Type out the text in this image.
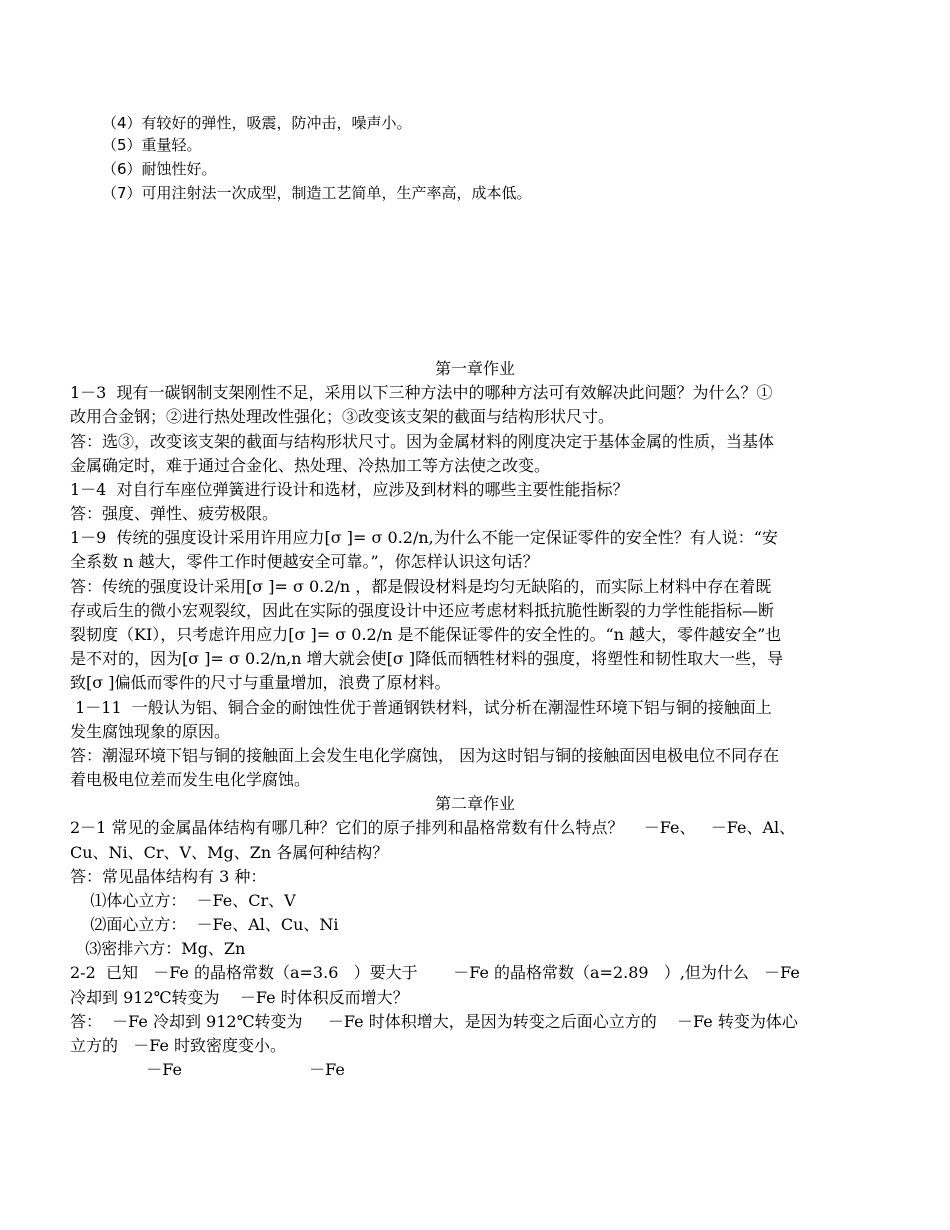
（4）有较好的弹性，吸震，防冲击，噪声小。
（5）重量轻。
（6）耐蚀性好。
（7）可用注射法一次成型，制造工艺简单，生产率高，成本低。
第一章作业
1－3  现有一碳钢制支架刚性不足，采用以下三种方法中的哪种方法可有效解决此问题？为什么？①
改用合金钢；②进行热处理改性强化；③改变该支架的截面与结构形状尺寸。
答：选③，改变该支架的截面与结构形状尺寸。因为金属材料的刚度决定于基体金属的性质，当基体
金属确定时，难于通过合金化、热处理、冷热加工等方法使之改变。
1－4  对自行车座位弹簧进行设计和选材，应涉及到材料的哪些主要性能指标？
答：强度、弹性、疲劳极限。
1－9  传统的强度设计采用许用应力[σ ]= σ 0.2/n,为什么不能一定保证零件的安全性？有人说：“安
全系数 n 越大，零件工作时便越安全可靠。”，你怎样认识这句话？
答：传统的强度设计采用[σ ]= σ 0.2/n ，都是假设材料是均匀无缺陷的，而实际上材料中存在着既
存或后生的微小宏观裂纹，因此在实际的强度设计中还应考虑材料抵抗脆性断裂的力学性能指标—断
裂韧度（KI），只考虑许用应力[σ ]= σ 0.2/n 是不能保证零件的安全性的。“n 越大，零件越安全”也
是不对的，因为[σ ]= σ 0.2/n,n 增大就会使[σ ]降低而牺牲材料的强度，将塑性和韧性取大一些，导
致[σ ]偏低而零件的尺寸与重量增加，浪费了原材料。
1－11  一般认为铝、铜合金的耐蚀性优于普通钢铁材料，试分析在潮湿性环境下铝与铜的接触面上
发生腐蚀现象的原因。
答：潮湿环境下铝与铜的接触面上会发生电化学腐蚀， 因为这时铝与铜的接触面因电极电位不同存在
着电极电位差而发生电化学腐蚀。
第二章作业
2－1 常见的金属晶体结构有哪几种？它们的原子排列和晶格常数有什么特点？    －Fe、   －Fe、Al、
Cu、Ni、Cr、V、Mg、Zn 各属何种结构？
答：常见晶体结构有 3 种：
⑴体心立方：  －Fe、Cr、V
⑵面心立方：  －Fe、Al、Cu、Ni
⑶密排六方：Mg、Zn
2-2  已知   －Fe 的晶格常数（a=3.6   ）要大于       －Fe 的晶格常数（a=2.89   ）,但为什么   －Fe
冷却到 912℃转变为    －Fe 时体积反而增大？
答：  －Fe 冷却到 912℃转变为     －Fe 时体积增大，是因为转变之后面心立方的    －Fe 转变为体心
立方的   －Fe 时致密度变小。
－Fe                         －Fe
